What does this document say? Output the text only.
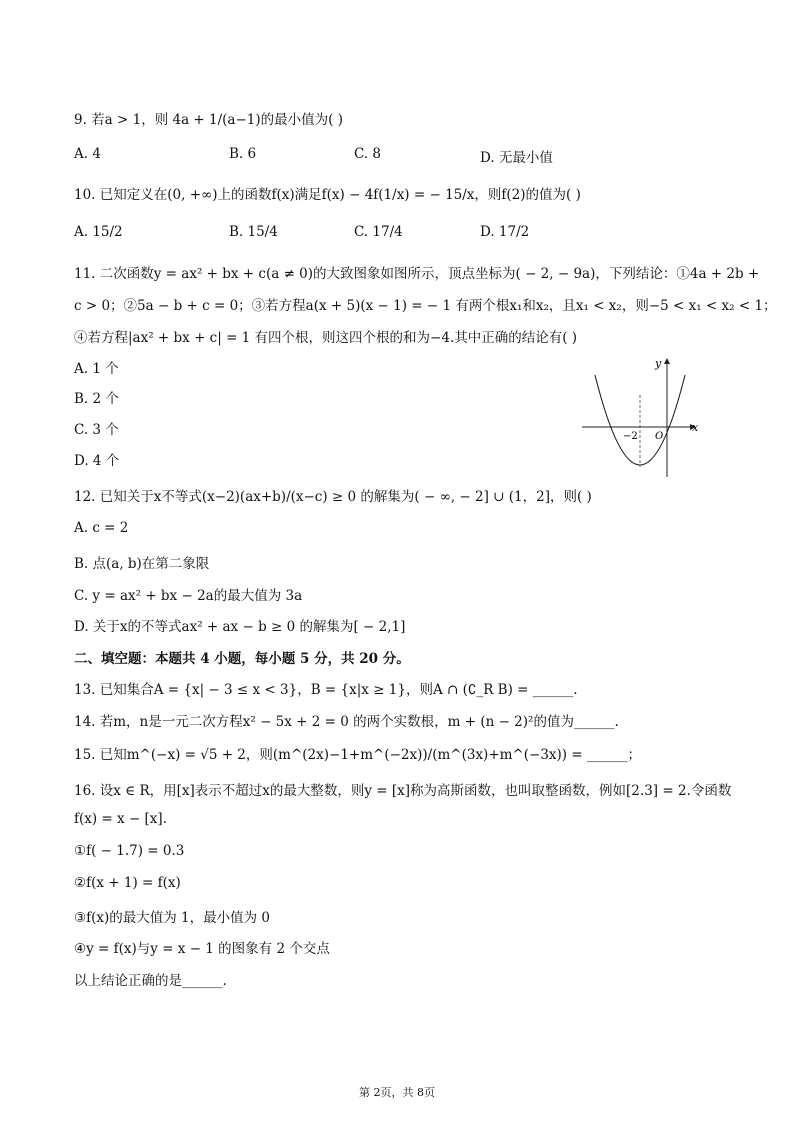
9. 若a > 1，则 4a + 1/(a−1)的最小值为( )
A. 4	B. 6	C. 8	D. 无最小值
10. 已知定义在(0, +∞)上的函数f(x)满足f(x) − 4f(1/x) = − 15/x，则f(2)的值为( )
A. 15/2	B. 15/4	C. 17/4	D. 17/2
11. 二次函数y = ax² + bx + c(a ≠ 0)的大致图象如图所示，顶点坐标为( − 2, − 9a)，下列结论：①4a + 2b +
c > 0；②5a − b + c = 0；③若方程a(x + 5)(x − 1) = − 1 有两个根x₁和x₂，且x₁ < x₂，则−5 < x₁ < x₂ < 1；
④若方程|ax² + bx + c| = 1 有四个根，则这四个根的和为−4.其中正确的结论有( )
A. 1 个
B. 2 个
C. 3 个
D. 4 个
y
x
O
−2
12. 已知关于x不等式(x−2)(ax+b)/(x−c) ≥ 0 的解集为( − ∞, − 2] ∪ (1，2]，则( )
A. c = 2
B. 点(a, b)在第二象限
C. y = ax² + bx − 2a的最大值为 3a
D. 关于x的不等式ax² + ax − b ≥ 0 的解集为[ − 2,1]
二、填空题：本题共 4 小题，每小题 5 分，共 20 分。
13. 已知集合A = {x| − 3 ≤ x < 3}，B = {x|x ≥ 1}，则A ∩ (∁_R B) = ______.
14. 若m，n是一元二次方程x² − 5x + 2 = 0 的两个实数根，m + (n − 2)²的值为______.
15. 已知m^(−x) = √5 + 2，则(m^(2x)−1+m^(−2x))/(m^(3x)+m^(−3x)) = ______；
16. 设x ∈ R，用[x]表示不超过x的最大整数，则y = [x]称为高斯函数，也叫取整函数，例如[2.3] = 2.令函数
f(x) = x − [x].
①f( − 1.7) = 0.3
②f(x + 1) = f(x)
③f(x)的最大值为 1，最小值为 0
④y = f(x)与y = x − 1 的图象有 2 个交点
以上结论正确的是______.
第 2页，共 8页
